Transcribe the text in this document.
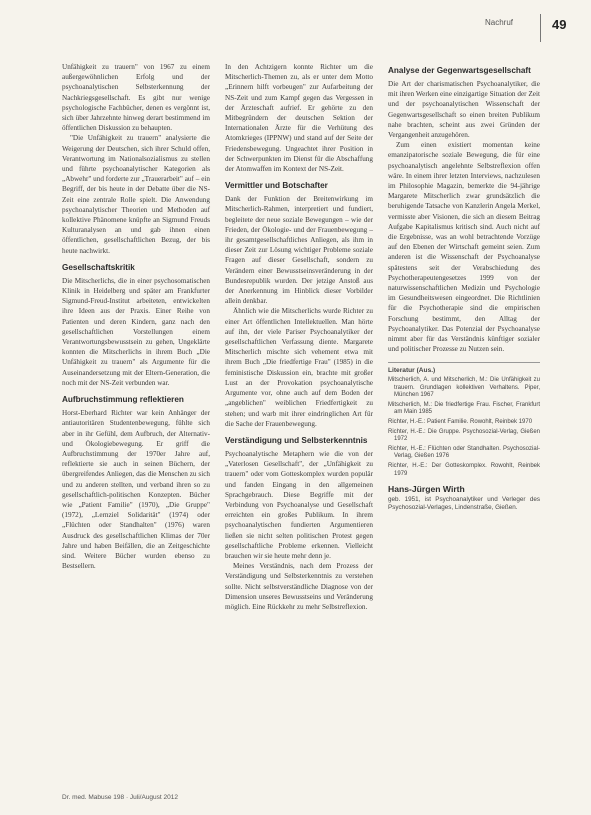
Nachruf	49

Unfähigkeit zu trauern" von 1967 zu einem außergewöhnlichen Erfolg und der psychoanalytischen Selbsterkennung der Nachkriegsgesellschaft. Es gibt nur wenige psychologische Fachbücher, denen es vergönnt ist, sich über Jahrzehnte hinweg derart bestimmend im öffentlichen Diskussion zu behaupten.

"Die Unfähigkeit zu trauern" analysierte die Weigerung der Deutschen, sich ihrer Schuld offen, Verantwortung im Nationalsozialismus zu stellen und führte psychoanalytischer Kategorien als „Abwehr" und forderte zur „Trauerarbeit" auf – ein Begriff, der bis heute in der Debatte über die NS-Zeit eine zentrale Rolle spielt. Die Anwendung psychoanalytischer Theorien und Methoden auf kollektive Phänomene knüpfte an Sigmund Freuds Kulturanalysen an und gab ihnen einen öffentlichen, gesellschaftlichen Bezug, der bis heute nachwirkt.

Gesellschaftskritik

Die Mitscherlichs, die in einer psychosomatischen Klinik in Heidelberg und später am Frankfurter Sigmund-Freud-Institut arbeiteten, entwickelten ihre Ideen aus der Praxis. Einer Reihe von Patienten und deren Kindern, ganz nach den gesellschaftlichen Vorstellungen einem Verantwortungsbewusstsein zu gehen, Ungeklärte konnten die Mitscherlichs in ihrem Buch „Die Unfähigkeit zu trauern" als Argumente für die Auseinandersetzung mit der Eltern-Generation, die noch mit der NS-Zeit verbunden war.

Aufbruchstimmung reflektieren

Horst-Eberhard Richter war kein Anhänger der antiautoritären Studentenbewegung, fühlte sich aber in ihr Gefühl, dem Aufbruch, der Alternativ- und Ökologiebewegung. Er griff die Aufbruchstimmung der 1970er Jahre auf, reflektierte sie auch in seinen Büchern, der übergreifendes Anliegen, das die Menschen zu sich und zu anderen stellten, und verband ihren so zu gesellschaftlich-politischen Konzepten. Bücher wie „Patient Familie" (1970), „Die Gruppe" (1972), „Lernziel Solidarität" (1974) oder „Flüchten oder Standhalten" (1976) waren Ausdruck des gesellschaftlichen Klimas der 70er Jahre und haben Beifällen, die an Zeitgeschichte sind. Weitere Bücher wurden ebenso zu Bestsellern.

In den Achtzigern konnte Richter um die Mitscherlich-Themen zu, als er unter dem Motto „Erinnern hilft vorbeugen" zur Aufarbeitung der NS-Zeit und zum Kampf gegen das Vergessen in der Ärzteschaft aufrief. Er gehörte zu den Mitbegründern der deutschen Sektion der Internationalen Ärzte für die Verhütung des Atomkrieges (IPPNW) und stand auf der Seite der Friedensbewegung. Ungeachtet ihrer Position in der Schwerpunkten im Dienst für die Abschaffung der Atomwaffen im Kontext der NS-Zeit.

Vermittler und Botschafter

Dank der Funktion der Breitenwirkung im Mitscherlich-Rahmen, interpretiert und fundiert, begleitete der neue soziale Bewegungen – wie der Frieden, der Ökologie- und der Frauenbewegung – ihr gesamtgesellschaftliches Anliegen, als ihm in dieser Zeit zur Lösung wichtiger Probleme soziale Fragen auf dieser Gesellschaft, sondern zu Verändern einer Bewusstseinsveränderung in der Bundesrepublik wurden. Der jetzige Anstoß aus der Anerkennung im Hinblick dieser Vorbilder allein denkbar.

Ähnlich wie die Mitscherlichs wurde Richter zu einer Art öffentlichen Intellektuellen. Man hörte auf ihn, der viele Pariser Psychoanalytiker der gesellschaftlichen Verfassung diente. Margarete Mitscherlich mischte sich vehement etwa mit ihrem Buch „Die friedfertige Frau" (1985) in die feministische Diskussion ein, brachte mit großer Lust an der Provokation psychoanalytische Argumente vor, ohne auch auf dem Boden der „angeblichen" weiblichen Friedfertigkeit zu stehen; und warb mit ihrer eindringlichen Art für die Sache der Frauenbewegung.

Verständigung und Selbsterkenntnis

Psychoanalytische Metaphern wie die von der „Vaterlosen Gesellschaft", der „Unfähigkeit zu trauern" oder vom Gotteskomplex wurden populär und fanden Eingang in den allgemeinen Sprachgebrauch. Diese Begriffe mit der Verbindung von Psychoanalyse und Gesellschaft erreichten ein großes Publikum. In ihrem psychoanalytischen fundierten Argumentieren ließen sie nicht selten politischen Protest gegen gesellschaftliche Probleme erkennen. Vielleicht brauchen wir sie heute mehr denn je.

Meines Verständnis, nach dem Prozess der Verständigung und Selbsterkenntnis zu verstehen sollte. Nicht selbstverständliche Diagnose von der Dimension unseres Bewusstseins und Veränderung möglich. Eine Rückkehr zu mehr Selbstreflexion.

Analyse der Gegenwartsgesellschaft

Die Art der charismatischen Psychoanalytiker, die mit ihren Werken eine einzigartige Situation der Zeit und der psychoanalytischen Wissenschaft der Gegenwartsgesellschaft so einen breiten Publikum nahe brachten, scheint aus zwei Gründen der Vergangenheit anzugehören.

Zum einen existiert momentan keine emanzipatorische soziale Bewegung, die für eine psychoanalytisch angelehnte Selbstreflexion offen wäre. In einem ihrer letzten Interviews, nachzulesen im Philosophie Magazin, bemerkte die 94-jährige Margarete Mitscherlich zwar grundsätzlich die beruhigende Tatsache von Kanzlerin Angela Merkel, vermisste aber Visionen, die sich an diesem Beitrag Aufgabe Kapitalismus kritisch sind. Auch nicht auf die Ergebnisse, was an wohl betrachtende Vorzüge auf den Ebenen der Wirtschaft gemeint seien. Zum anderen ist die Wissenschaft der Psychoanalyse spätestens seit der Verabschiedung des Psychotherapeutengesetzes 1999 von der naturwissenschaftlichen Medizin und Psychologie im Gesundheitswesen eingeordnet. Die Richtlinien für die Psychotherapie sind die empirischen Forschung bestimmt, den Alltag der Psychoanalytiker. Das Potenzial der Psychoanalyse nimmt aber für das Verständnis künftiger sozialer und politischer Prozesse zu Nutzen sein.

Literatur (Aus.)
Mitscherlich, A. und Mitscherlich, M.: Die Unfähigkeit zu trauern. Grundlagen kollektiven Verhaltens. Piper, München 1967
Mitscherlich, M.: Die friedfertige Frau. Fischer, Frankfurt am Main 1985
Richter, H.-E.: Patient Familie. Rowohlt, Reinbek 1970
Richter, H.-E.: Die Gruppe. Psychosozial-Verlag, Gießen 1972
Richter, H.-E.: Flüchten oder Standhalten. Psychosozial-Verlag, Gießen 1976
Richter, H.-E.: Der Gotteskomplex. Rowohlt, Reinbek 1979
Hans-Jürgen Wirth
geb. 1951, ist Psychoanalytiker und Verleger des Psychosozial-Verlages, Lindenstraße, Gießen.
Dr. med. Mabuse 198 · Juli/August 2012
